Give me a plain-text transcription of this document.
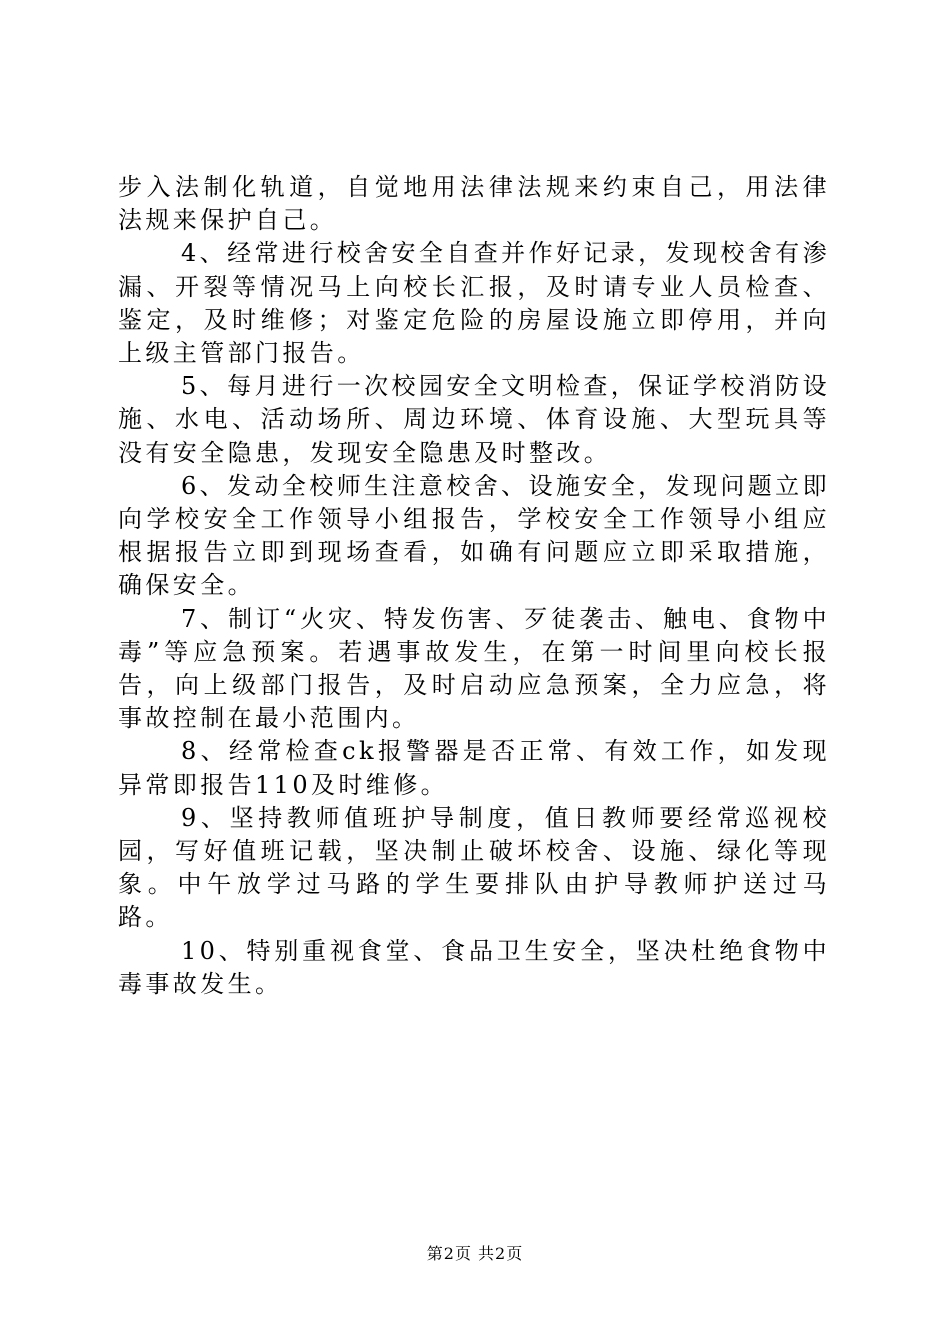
步入法制化轨道，自觉地用法律法规来约束自己，用法律法规来保护自己。

4、经常进行校舍安全自查并作好记录，发现校舍有渗漏、开裂等情况马上向校长汇报，及时请专业人员检查、鉴定，及时维修；对鉴定危险的房屋设施立即停用，并向上级主管部门报告。

5、每月进行一次校园安全文明检查，保证学校消防设施、水电、活动场所、周边环境、体育设施、大型玩具等没有安全隐患，发现安全隐患及时整改。

6、发动全校师生注意校舍、设施安全，发现问题立即向学校安全工作领导小组报告，学校安全工作领导小组应根据报告立即到现场查看，如确有问题应立即采取措施，确保安全。

7、制订“火灾、特发伤害、歹徒袭击、触电、食物中毒”等应急预案。若遇事故发生，在第一时间里向校长报告，向上级部门报告，及时启动应急预案，全力应急，将事故控制在最小范围内。

8、经常检查ck报警器是否正常、有效工作，如发现异常即报告110及时维修。

9、坚持教师值班护导制度，值日教师要经常巡视校园，写好值班记载，坚决制止破坏校舍、设施、绿化等现象。中午放学过马路的学生要排队由护导教师护送过马路。

10、特别重视食堂、食品卫生安全，坚决杜绝食物中毒事故发生。

第2页 共2页
